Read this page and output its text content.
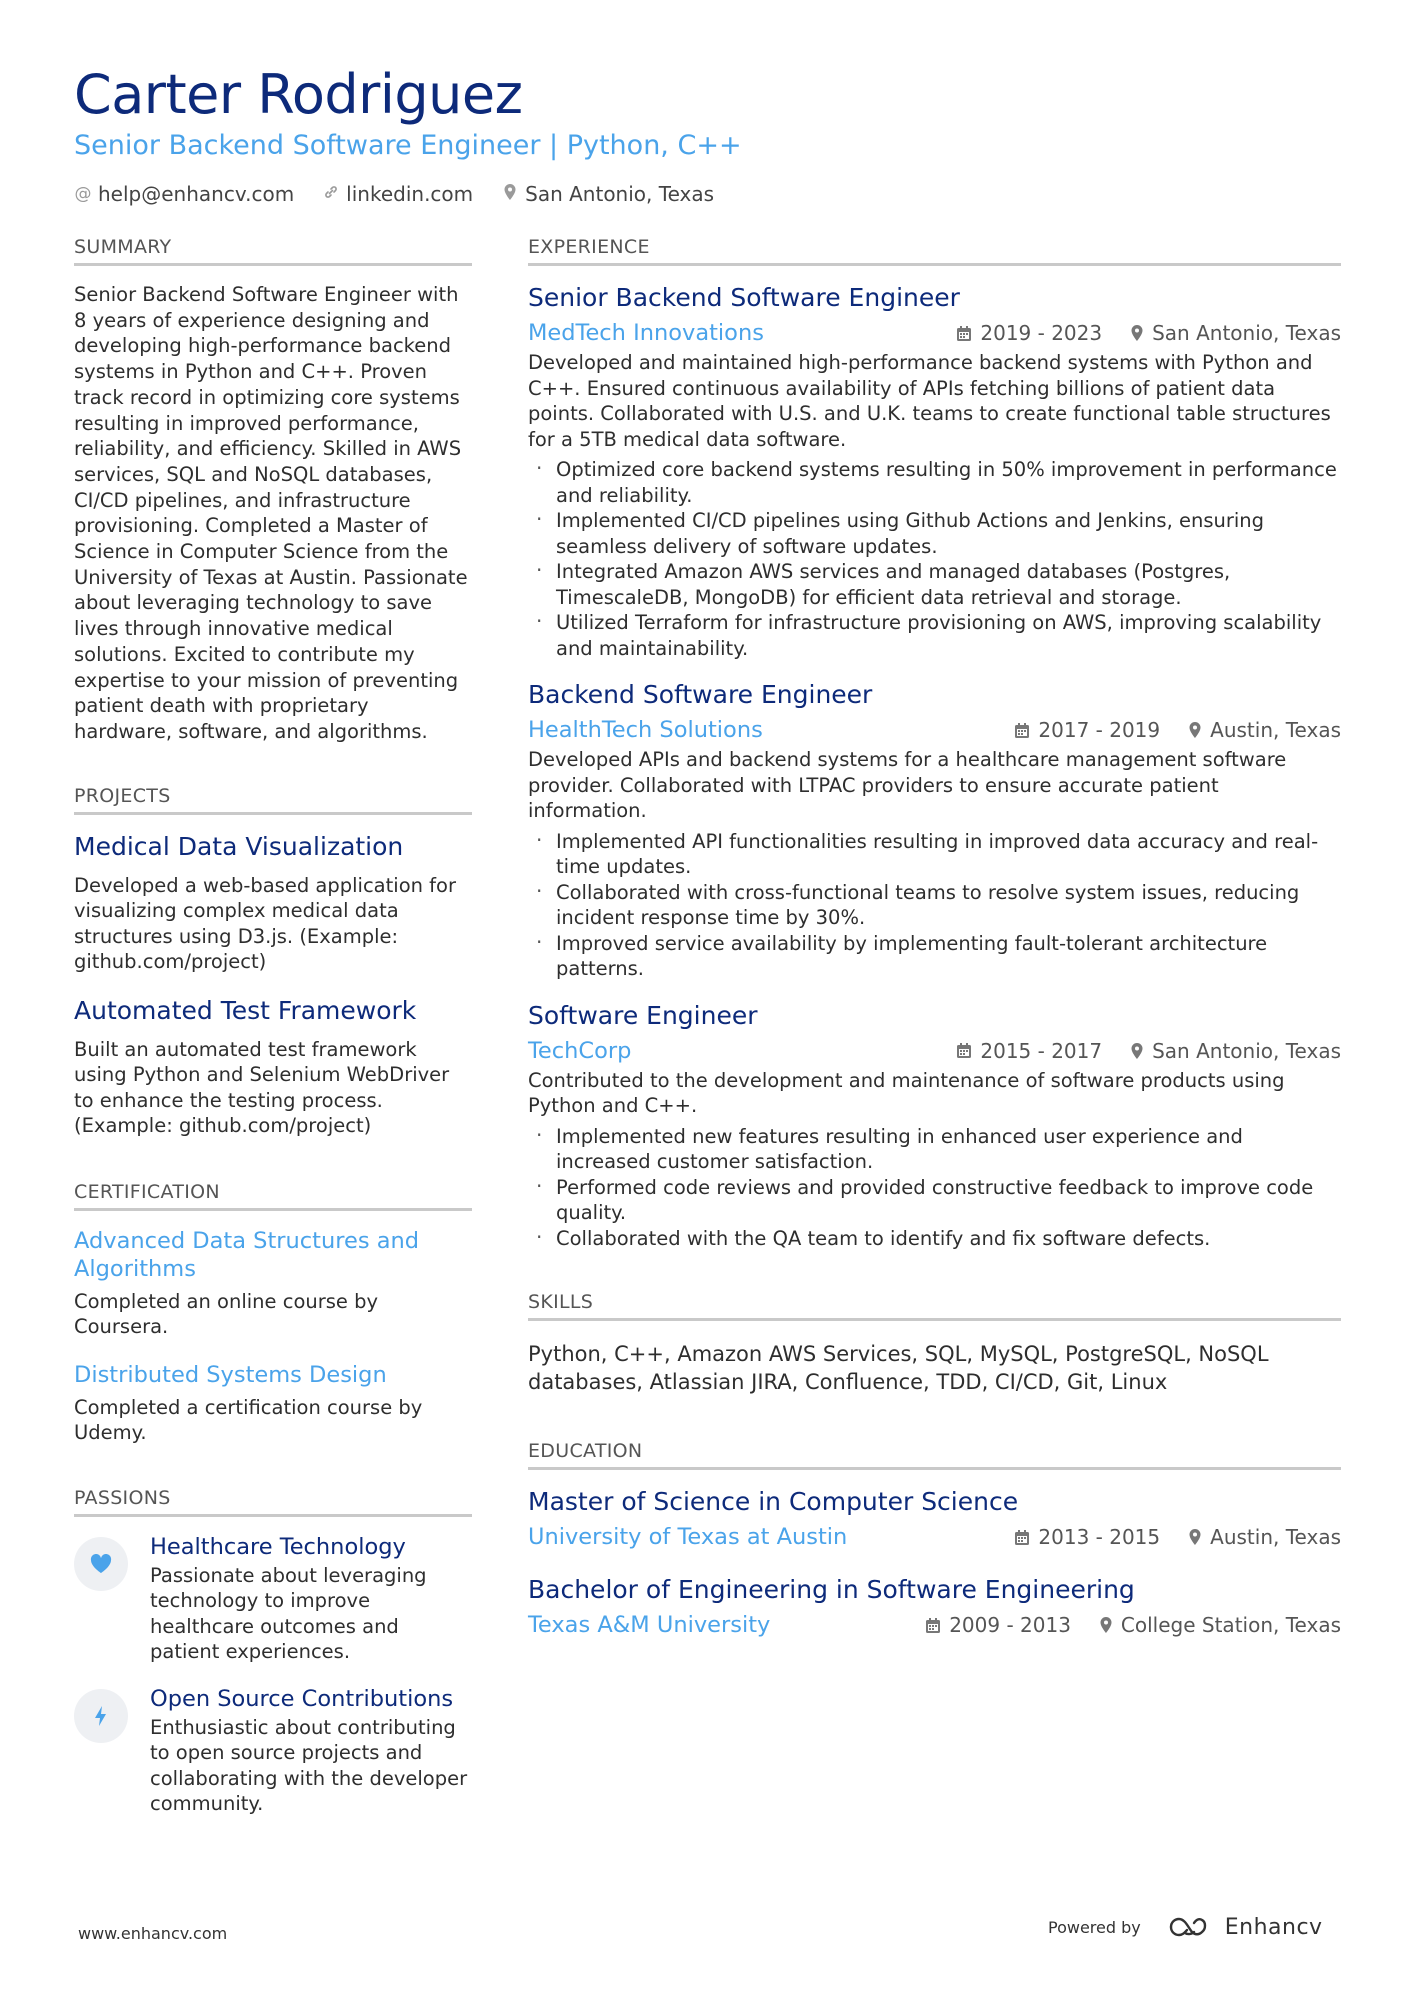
Carter Rodriguez
Senior Backend Software Engineer | Python, C++
@ help@enhancv.com	linkedin.com	San Antonio, Texas
SUMMARY

Senior Backend Software Engineer with 8 years of experience designing and developing high-performance backend systems in Python and C++. Proven track record in optimizing core systems resulting in improved performance, reliability, and efficiency. Skilled in AWS services, SQL and NoSQL databases, CI/CD pipelines, and infrastructure provisioning. Completed a Master of Science in Computer Science from the University of Texas at Austin. Passionate about leveraging technology to save lives through innovative medical solutions. Excited to contribute my expertise to your mission of preventing patient death with proprietary hardware, software, and algorithms.

PROJECTS
Medical Data Visualization

Developed a web-based application for visualizing complex medical data structures using D3.js. (Example: github.com/project)

Automated Test Framework

Built an automated test framework using Python and Selenium WebDriver to enhance the testing process. (Example: github.com/project)

CERTIFICATION
Advanced Data Structures and Algorithms

Completed an online course by Coursera.

Distributed Systems Design

Completed a certification course by Udemy.

PASSIONS
Healthcare Technology

Passionate about leveraging technology to improve healthcare outcomes and patient experiences.

Open Source Contributions

Enthusiastic about contributing to open source projects and collaborating with the developer community.

EXPERIENCE
Senior Backend Software Engineer
MedTech Innovations	2019 - 2023	San Antonio, Texas

Developed and maintained high-performance backend systems with Python and C++. Ensured continuous availability of APIs fetching billions of patient data points. Collaborated with U.S. and U.K. teams to create functional table structures for a 5TB medical data software.

· Optimized core backend systems resulting in 50% improvement in performance and reliability.
· Implemented CI/CD pipelines using Github Actions and Jenkins, ensuring seamless delivery of software updates.
· Integrated Amazon AWS services and managed databases (Postgres, TimescaleDB, MongoDB) for efficient data retrieval and storage.
· Utilized Terraform for infrastructure provisioning on AWS, improving scalability and maintainability.
Backend Software Engineer
HealthTech Solutions	2017 - 2019	Austin, Texas

Developed APIs and backend systems for a healthcare management software provider. Collaborated with LTPAC providers to ensure accurate patient information.

· Implemented API functionalities resulting in improved data accuracy and real-time updates.
· Collaborated with cross-functional teams to resolve system issues, reducing incident response time by 30%.
· Improved service availability by implementing fault-tolerant architecture patterns.
Software Engineer
TechCorp	2015 - 2017	San Antonio, Texas

Contributed to the development and maintenance of software products using Python and C++.

· Implemented new features resulting in enhanced user experience and increased customer satisfaction.
· Performed code reviews and provided constructive feedback to improve code quality.
· Collaborated with the QA team to identify and fix software defects.
SKILLS

Python, C++, Amazon AWS Services, SQL, MySQL, PostgreSQL, NoSQL databases, Atlassian JIRA, Confluence, TDD, CI/CD, Git, Linux

EDUCATION
Master of Science in Computer Science
University of Texas at Austin	2013 - 2015	Austin, Texas
Bachelor of Engineering in Software Engineering
Texas A&M University	2009 - 2013	College Station, Texas
www.enhancv.com	Powered by	Enhancv
